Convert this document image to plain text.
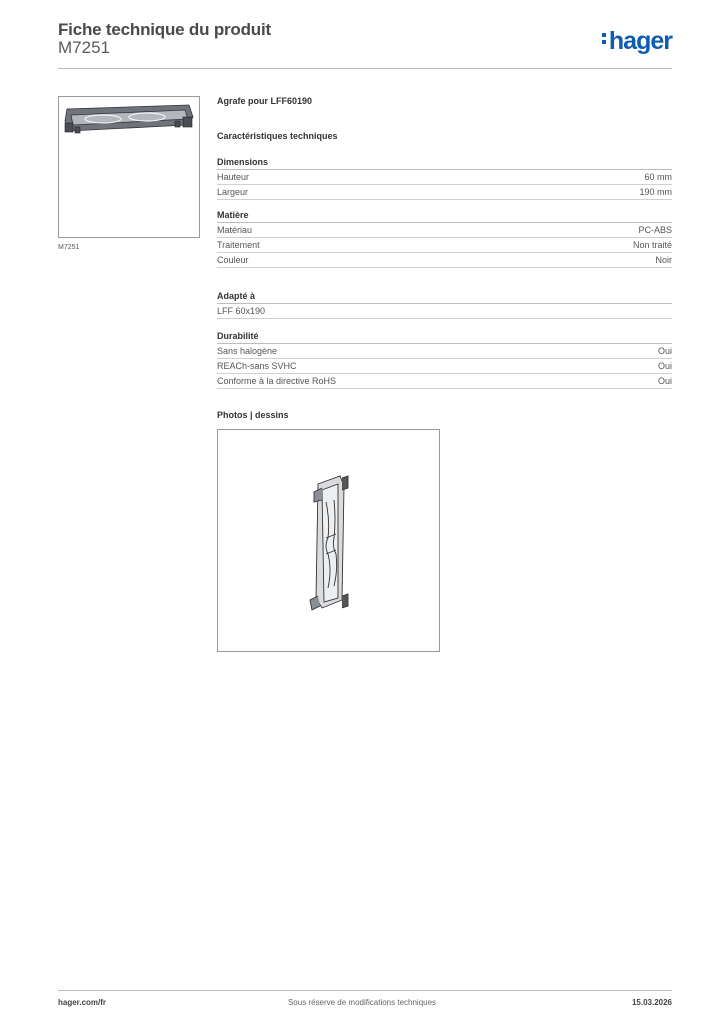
Fiche technique du produit
M7251	hager
M7251
Agrafe pour LFF60190
Caractéristiques techniques
Dimensions
Hauteur	60 mm
Largeur	190 mm
Matière
Matériau	PC-ABS
Traitement	Non traité
Couleur	Noir
Adapté à
LFF 60x190
Durabilité
Sans halogène	Oui
REACh-sans SVHC	Oui
Conforme à la directive RoHS	Oui
Photos | dessins
hager.com/fr	Sous réserve de modifications techniques	15.03.2026
